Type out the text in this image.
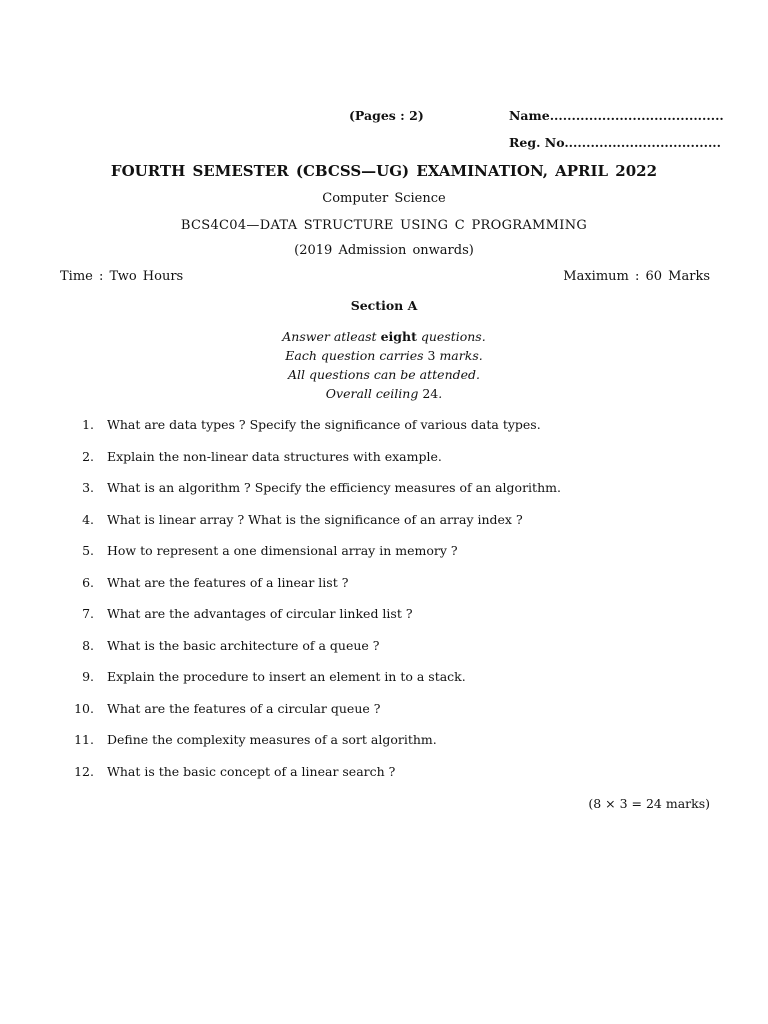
(Pages : 2)	Name........................................
Reg. No....................................
FOURTH SEMESTER (CBCSS—UG) EXAMINATION, APRIL 2022
Computer Science
BCS4C04—DATA STRUCTURE USING C PROGRAMMING
(2019 Admission onwards)
Time : Two Hours	Maximum : 60 Marks
Section A
Answer atleast eight questions.
Each question carries 3 marks.
All questions can be attended.
Overall ceiling 24.
1. What are data types ? Specify the significance of various data types.
2. Explain the non-linear data structures with example.
3. What is an algorithm ? Specify the efficiency measures of an algorithm.
4. What is linear array ? What is the significance of an array index ?
5. How to represent a one dimensional array in memory ?
6. What are the features of a linear list ?
7. What are the advantages of circular linked list ?
8. What is the basic architecture of a queue ?
9. Explain the procedure to insert an element in to a stack.
10. What are the features of a circular queue ?
11. Define the complexity measures of a sort algorithm.
12. What is the basic concept of a linear search ?
(8 × 3 = 24 marks)
